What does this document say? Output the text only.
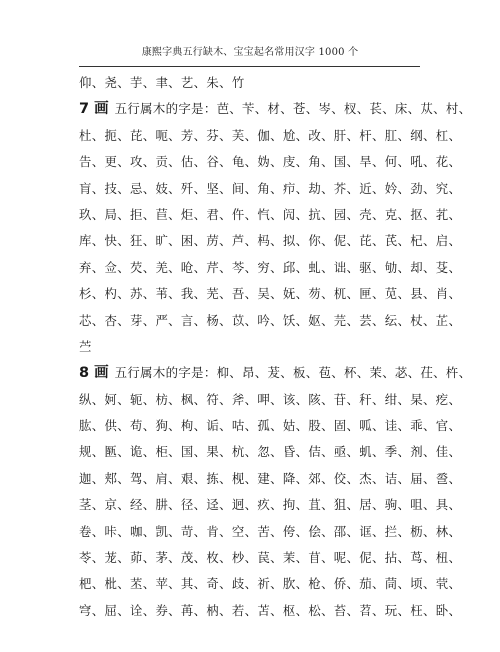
康熙字典五行缺木、宝宝起名常用汉字 1000 个
仰、尧、芋、聿、艺、朱、竹
7 画 五行属木的字是：芭、苄、材、苍、岑、杈、苌、床、苁、村、
杜、扼、芘、呃、芳、芬、芙、伽、尬、改、肝、杆、肛、纲、杠、
告、更、攻、贡、估、谷、龟、妫、庋、角、国、旱、何、吼、花、
肓、技、忌、妓、歼、坚、间、角、疖、劫、芥、近、妗、劲、究、
玖、局、拒、苣、炬、君、仵、忾、闶、抗、园、壳、克、抠、芤、
库、快、狂、旷、困、苈、芦、杩、拟、你、伲、芘、芪、杞、启、
弃、佥、芡、羌、呛、芹、芩、穷、邱、虬、诎、驱、劬、却、芟、
杉、杓、苏、苇、我、芜、吾、吴、妩、芴、杌、匣、苋、县、肖、
芯、杏、芽、严、言、杨、苡、吟、饫、妪、芫、芸、纭、杖、芷、
苎
8 画 五行属木的字是：枊、昂、茇、板、苞、杯、茉、苾、茌、杵、
纵、妸、轭、枋、枫、符、斧、呷、该、陔、苷、秆、绀、杲、疙、
肱、供、苟、狗、枸、诟、咕、孤、姑、股、固、呱、诖、乖、官、
规、匦、诡、柜、国、果、杭、忽、昏、佶、亟、虮、季、剂、佳、
迦、郏、驾、肩、艰、拣、枧、建、降、郊、佼、杰、诘、届、巹、
茎、京、经、肼、径、迳、迥、疚、拘、苴、狙、居、驹、咀、具、
卷、咔、咖、凯、苛、肯、空、苦、侉、侩、邵、诓、拦、枥、林、
苓、茏、茆、茅、茂、枚、杪、苠、茉、苜、呢、伲、拈、茑、杻、
杷、枇、苤、苹、其、奇、歧、祈、肷、枪、侨、茄、茼、顷、茕、
穹、屈、诠、券、苒、枘、若、苫、枢、松、苔、苕、玩、枉、卧、
